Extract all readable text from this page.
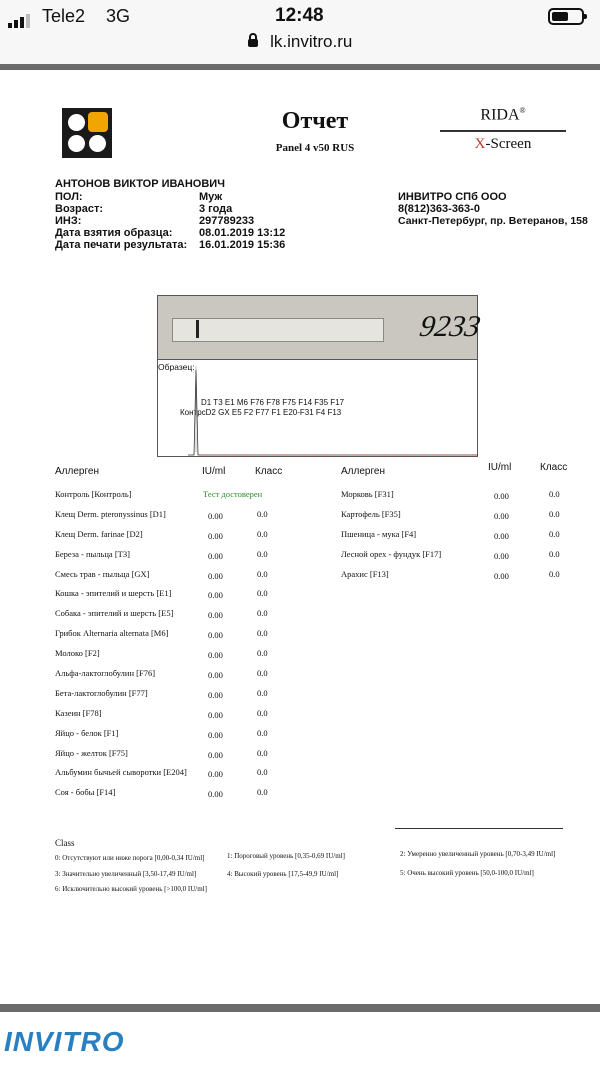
Tele2 3G	12:48
lk.invitro.ru
Отчет
Panel 4 v50 RUS
RIDA®
X-Screen
АНТОНОВ ВИКТОР ИВАНОВИЧ
ПОЛ:	Муж
Возраст:	3 года
ИНЗ:	297789233
Дата взятия образца: 08.01.2019 13:12
Дата печати результата: 16.01.2019 15:36
ИНВИТРО СПб ООО
8(812)363-363-0
Санкт-Петербург, пр. Ветеранов, 158
9233
Образец:
D1 T3 E1 M6 F76 F78 F75 F14 F35 F17
КонтрсD2 GX E5 F2 F77 F1 E20-F31 F4 F13
Аллерген	IU/ml	Класс	Аллерген	IU/ml	Класс
Контроль [Контроль]	Тест достоверен
Клещ Derm. pteronyssinus [D1]	0.00	0.0
Клещ Derm. farinae [D2]	0.00	0.0
Береза - пыльца [T3]	0.00	0.0
Смесь трав - пыльца [GX]	0.00	0.0
Кошка - эпителий и шерсть [E1]	0.00	0.0
Собака - эпителий и шерсть [E5]	0.00	0.0
Грибок Alternaria alternata [M6]	0.00	0.0
Молоко [F2]	0.00	0.0
Альфа-лактоглобулин [F76]	0.00	0.0
Бета-лактоглобулин [F77]	0.00	0.0
Казеин [F78]	0.00	0.0
Яйцо - белок [F1]	0.00	0.0
Яйцо - желток [F75]	0.00	0.0
Альбумин бычьей сыворотки [E204] 0.00	0.0
Соя - бобы [F14]	0.00	0.0
Морковь [F31]	0.00	0.0
Картофель [F35]	0.00	0.0
Пшеница - мука [F4]	0.00	0.0
Лесной орех - фундук [F17]	0.00	0.0
Арахис [F13]	0.00	0.0
Class
0: Отсутствуют или ниже порога [0,00-0,34 IU/ml]	1: Пороговый уровень [0,35-0,69 IU/ml]	2: Умеренно увеличенный уровень [0,70-3,49 IU/ml]
3: Значительно увеличенный [3,50-17,49 IU/ml]	4: Высокий уровень [17,5-49,9 IU/ml]	5: Очень высокий уровень [50,0-100,0 IU/ml]
6: Исключительно высокий уровень [>100,0 IU/ml]
INVITRO
